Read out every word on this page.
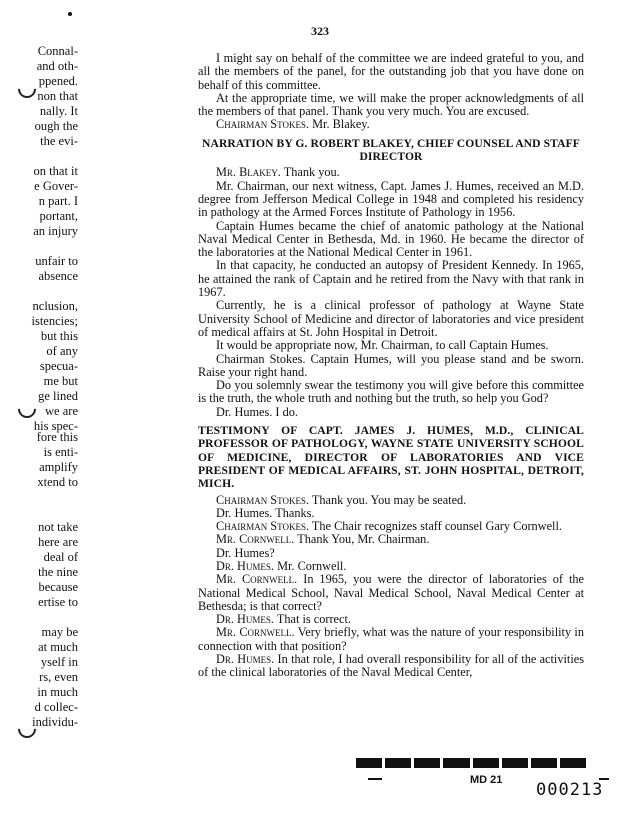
323
Connal-
and oth-
ppened.
non that
nally. It
ough the
the evi-
on that it
e Gover-
n part. I
portant,
an injury
unfair to
absence
nclusion,
istencies;
but this
of any
specua-
me but
ge lined
we are
his spec-
fore this
is enti-
amplify
xtend to
not take
here are
deal of
the nine
because
ertise to
may be
at much
yself in
rs, even
in much
d collec-
individu-

I might say on behalf of the committee we are indeed grateful to you, and all the members of the panel, for the outstanding job that you have done on behalf of this committee.

At the appropriate time, we will make the proper acknowledgments of all the members of that panel. Thank you very much. You are excused.

Chairman Stokes. Mr. Blakey.

NARRATION BY G. ROBERT BLAKEY, CHIEF COUNSEL AND STAFF DIRECTOR

Mr. Blakey. Thank you.

Mr. Chairman, our next witness, Capt. James J. Humes, received an M.D. degree from Jefferson Medical College in 1948 and completed his residency in pathology at the Armed Forces Institute of Pathology in 1956.

Captain Humes became the chief of anatomic pathology at the National Naval Medical Center in Bethesda, Md. in 1960. He became the director of the laboratories at the National Medical Center in 1961.

In that capacity, he conducted an autopsy of President Kennedy. In 1965, he attained the rank of Captain and he retired from the Navy with that rank in 1967.

Currently, he is a clinical professor of pathology at Wayne State University School of Medicine and director of laboratories and vice president of medical affairs at St. John Hospital in Detroit.

It would be appropriate now, Mr. Chairman, to call Captain Humes.

Chairman Stokes. Captain Humes, will you please stand and be sworn. Raise your right hand.

Do you solemnly swear the testimony you will give before this committee is the truth, the whole truth and nothing but the truth, so help you God?

Dr. Humes. I do.

TESTIMONY OF CAPT. JAMES J. HUMES, M.D., CLINICAL PROFESSOR OF PATHOLOGY, WAYNE STATE UNIVERSITY SCHOOL OF MEDICINE, DIRECTOR OF LABORATORIES AND VICE PRESIDENT OF MEDICAL AFFAIRS, ST. JOHN HOSPITAL, DETROIT, MICH.

Chairman Stokes. Thank you. You may be seated.

Dr. Humes. Thanks.

Chairman Stokes. The Chair recognizes staff counsel Gary Cornwell.

Mr. Cornwell. Thank You, Mr. Chairman.

Dr. Humes?

Dr. Humes. Mr. Cornwell.

Mr. Cornwell. In 1965, you were the director of laboratories of the National Medical School, Naval Medical School, Naval Medical Center at Bethesda; is that correct?

Dr. Humes. That is correct.

Mr. Cornwell. Very briefly, what was the nature of your responsibility in connection with that position?

Dr. Humes. In that role, I had overall responsibility for all of the activities of the clinical laboratories of the Naval Medical Center,

MD 21 000213
